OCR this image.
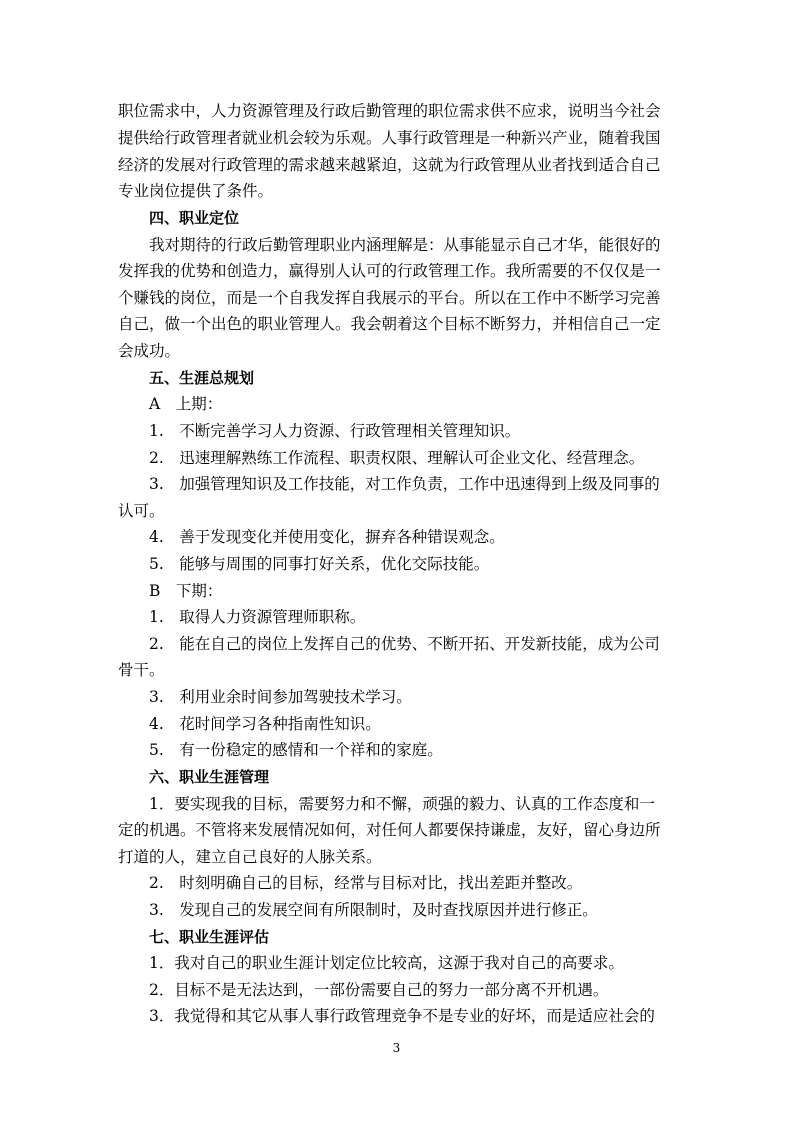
职位需求中，人力资源管理及行政后勤管理的职位需求供不应求，说明当今社会
提供给行政管理者就业机会较为乐观。人事行政管理是一种新兴产业，随着我国
经济的发展对行政管理的需求越来越紧迫，这就为行政管理从业者找到适合自己
专业岗位提供了条件。
四、职业定位
我对期待的行政后勤管理职业内涵理解是：从事能显示自己才华，能很好的
发挥我的优势和创造力，赢得别人认可的行政管理工作。我所需要的不仅仅是一
个赚钱的岗位，而是一个自我发挥自我展示的平台。所以在工作中不断学习完善
自己，做一个出色的职业管理人。我会朝着这个目标不断努力，并相信自己一定
会成功。
五、生涯总规划
A　上期：
1.　不断完善学习人力资源、行政管理相关管理知识。
2.　迅速理解熟练工作流程、职责权限、理解认可企业文化、经营理念。
3.　加强管理知识及工作技能，对工作负责，工作中迅速得到上级及同事的
认可。
4.　善于发现变化并使用变化，摒弃各种错误观念。
5.　能够与周围的同事打好关系，优化交际技能。
B　下期：
1.　取得人力资源管理师职称。
2.　能在自己的岗位上发挥自己的优势、不断开拓、开发新技能，成为公司
骨干。
3.　利用业余时间参加驾驶技术学习。
4.　花时间学习各种指南性知识。
5.　有一份稳定的感情和一个祥和的家庭。
六、职业生涯管理
1．要实现我的目标，需要努力和不懈，顽强的毅力、认真的工作态度和一
定的机遇。不管将来发展情况如何，对任何人都要保持谦虚，友好，留心身边所
打道的人，建立自己良好的人脉关系。
2.　时刻明确自己的目标，经常与目标对比，找出差距并整改。
3.　发现自己的发展空间有所限制时，及时查找原因并进行修正。
七、职业生涯评估
1．我对自己的职业生涯计划定位比较高，这源于我对自己的高要求。
2．目标不是无法达到，一部份需要自己的努力一部分离不开机遇。
3．我觉得和其它从事人事行政管理竞争不是专业的好坏，而是适应社会的
3
